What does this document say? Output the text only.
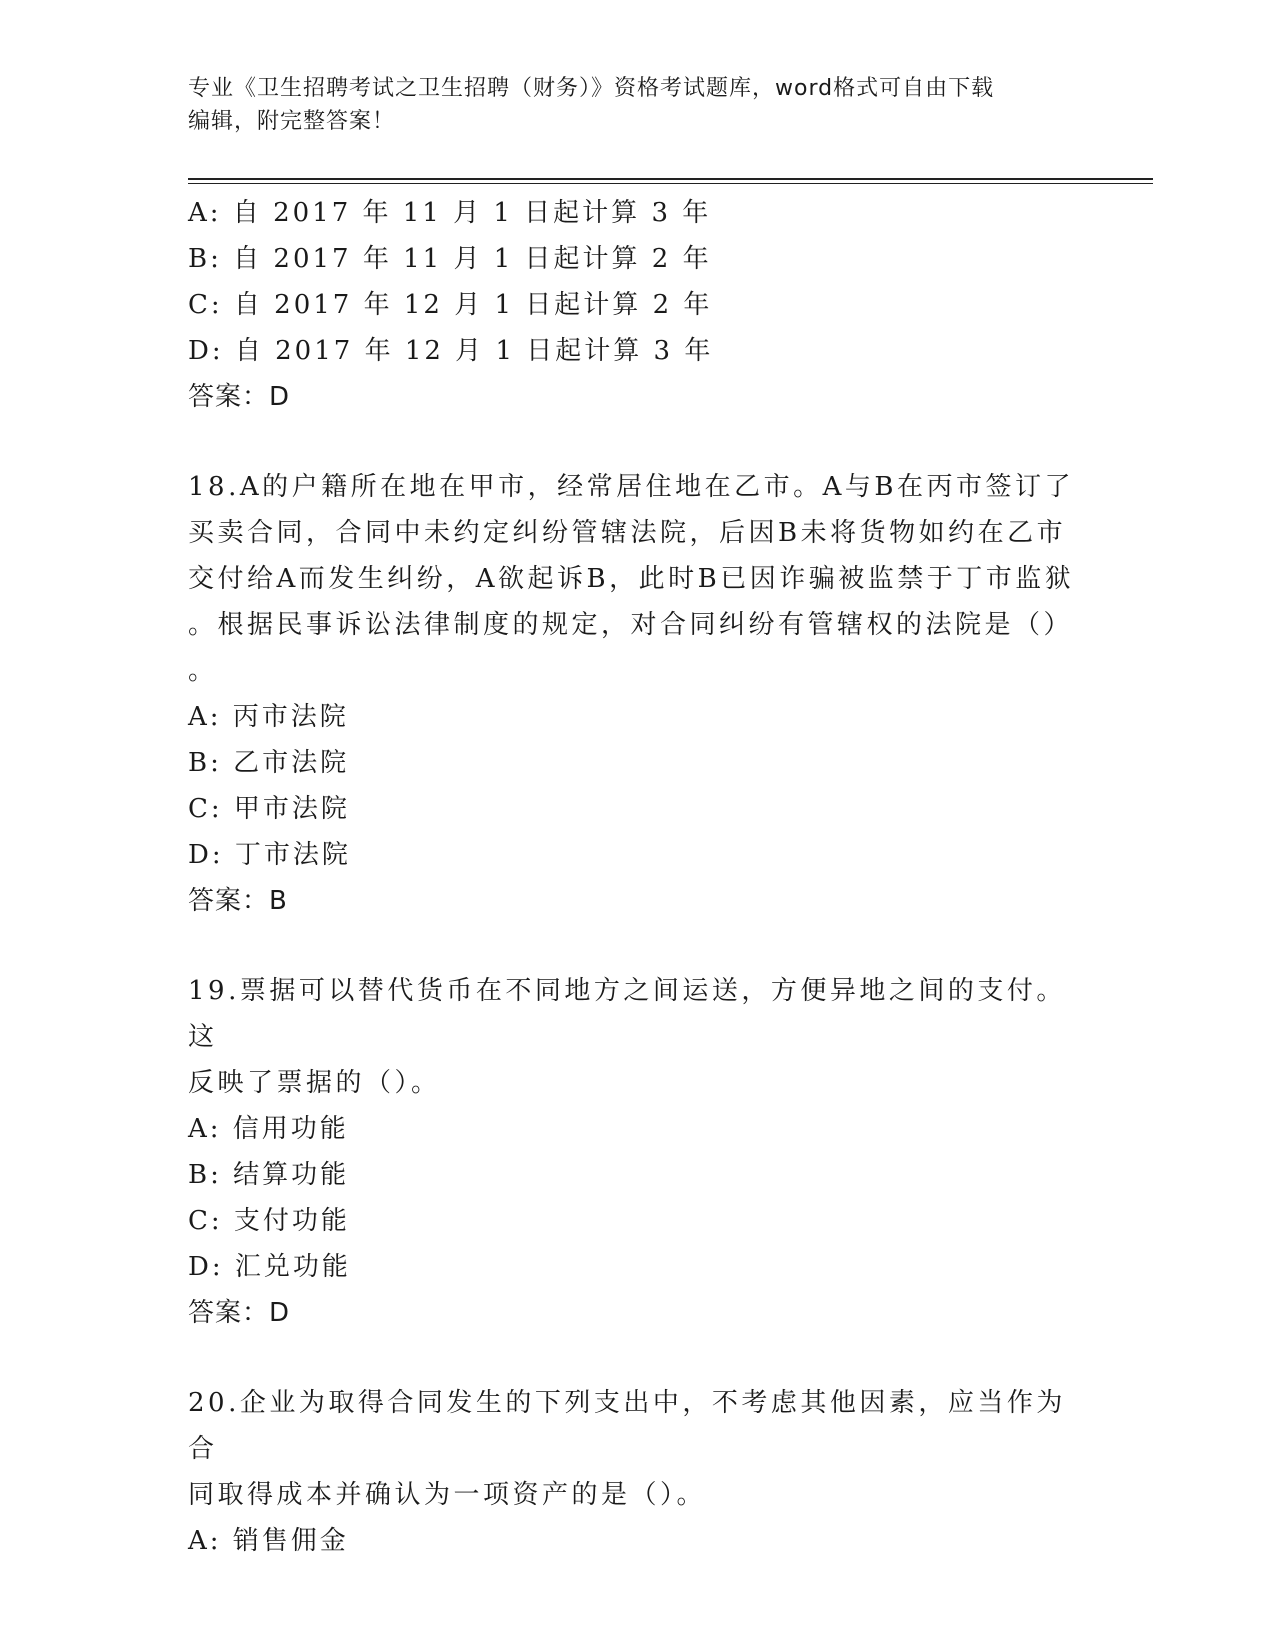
专业《卫生招聘考试之卫生招聘（财务）》资格考试题库，word格式可自由下载
编辑，附完整答案！
A: 自 2017 年 11 月 1 日起计算 3 年
B: 自 2017 年 11 月 1 日起计算 2 年
C: 自 2017 年 12 月 1 日起计算 2 年
D: 自 2017 年 12 月 1 日起计算 3 年
答案：D
18.A的户籍所在地在甲市，经常居住地在乙市。A与B在丙市签订了
买卖合同，合同中未约定纠纷管辖法院，后因B未将货物如约在乙市
交付给A而发生纠纷，A欲起诉B，此时B已因诈骗被监禁于丁市监狱
。根据民事诉讼法律制度的规定，对合同纠纷有管辖权的法院是（）
。
A: 丙市法院
B: 乙市法院
C: 甲市法院
D: 丁市法院
答案：B
19.票据可以替代货币在不同地方之间运送，方便异地之间的支付。这
反映了票据的（）。
A: 信用功能
B: 结算功能
C: 支付功能
D: 汇兑功能
答案：D
20.企业为取得合同发生的下列支出中，不考虑其他因素，应当作为合
同取得成本并确认为一项资产的是（）。
A: 销售佣金
